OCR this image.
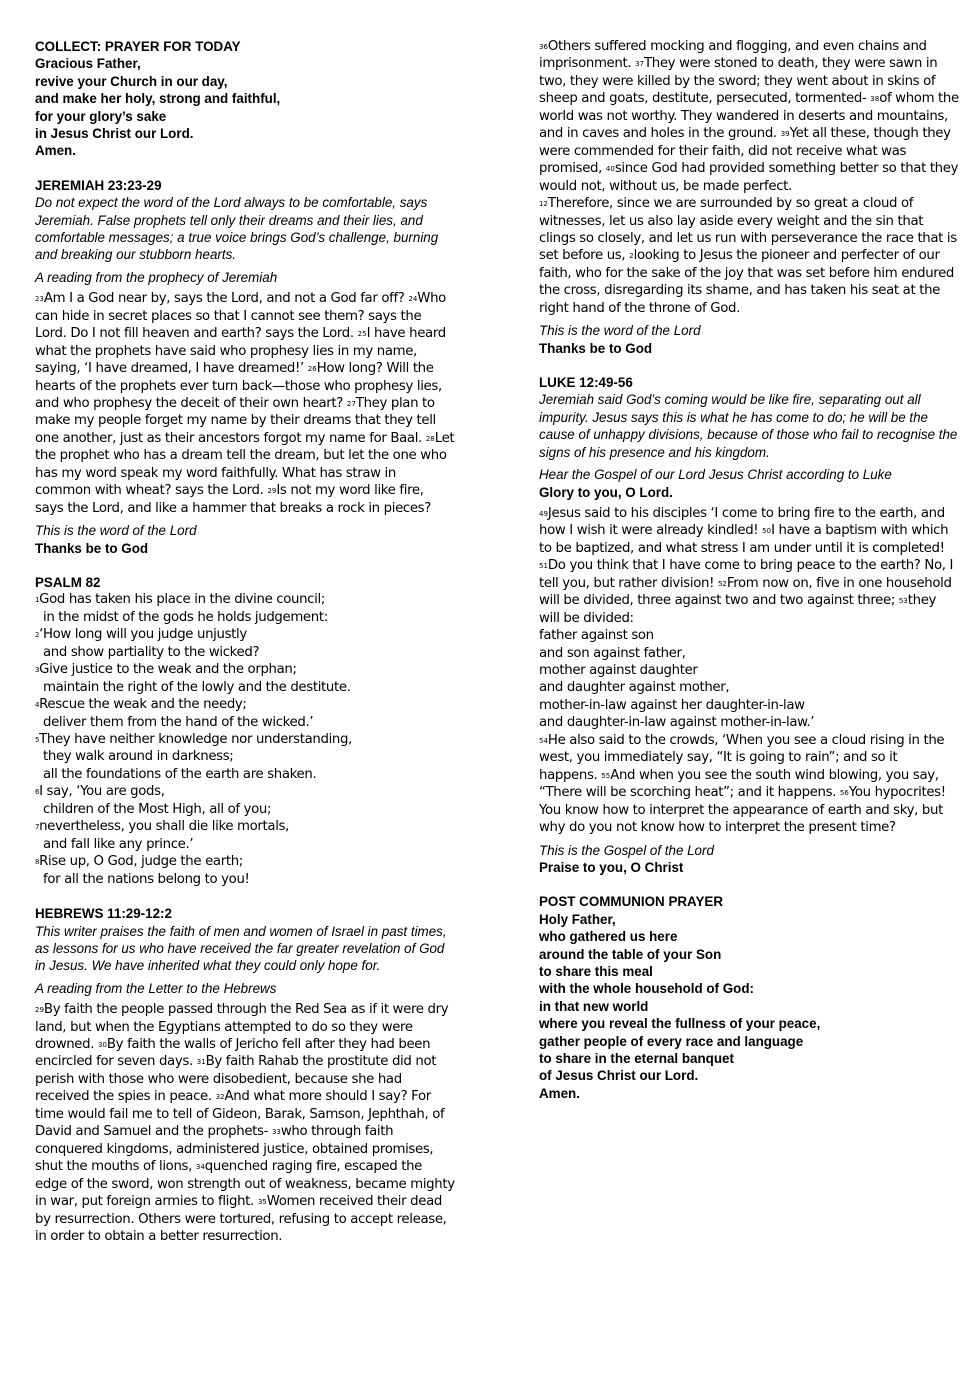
COLLECT: PRAYER FOR TODAY

Gracious Father,
revive your Church in our day,
and make her holy, strong and faithful,
for your glory’s sake
in Jesus Christ our Lord.
Amen.

JEREMIAH 23:23-29

Do not expect the word of the Lord always to be comfortable, says Jeremiah. False prophets tell only their dreams and their lies, and comfortable messages; a true voice brings God’s challenge, burning and breaking our stubborn hearts.

A reading from the prophecy of Jeremiah

$^{23}$Am I a God near by, says the Lord, and not a God far off? $^{24}$Who can hide in secret places so that I cannot see them? says the Lord. Do I not fill heaven and earth? says the Lord. $^{25}$I have heard what the prophets have said who prophesy lies in my name, saying, ‘I have dreamed, I have dreamed!’ $^{26}$How long? Will the hearts of the prophets ever turn back—those who prophesy lies, and who prophesy the deceit of their own heart? $^{27}$They plan to make my people forget my name by their dreams that they tell one another, just as their ancestors forgot my name for Baal. $^{28}$Let the prophet who has a dream tell the dream, but let the one who has my word speak my word faithfully. What has straw in common with wheat? says the Lord. $^{29}$Is not my word like fire, says the Lord, and like a hammer that breaks a rock in pieces?

This is the word of the Lord

Thanks be to God

PSALM 82

$^1$God has taken his place in the divine council;
in the midst of the gods he holds judgement:
$^2$‘How long will you judge unjustly
and show partiality to the wicked?
$^3$Give justice to the weak and the orphan;
maintain the right of the lowly and the destitute.
$^4$Rescue the weak and the needy;
deliver them from the hand of the wicked.’
$^5$They have neither knowledge nor understanding,
they walk around in darkness;
all the foundations of the earth are shaken.
$^6$I say, ‘You are gods,
children of the Most High, all of you;
$^7$nevertheless, you shall die like mortals,
and fall like any prince.’
$^8$Rise up, O God, judge the earth;
for all the nations belong to you!

HEBREWS 11:29-12:2

This writer praises the faith of men and women of Israel in past times, as lessons for us who have received the far greater revelation of God in Jesus. We have inherited what they could only hope for.

A reading from the Letter to the Hebrews

$^{29}$By faith the people passed through the Red Sea as if it were dry land, but when the Egyptians attempted to do so they were drowned. $^{30}$By faith the walls of Jericho fell after they had been encircled for seven days. $^{31}$By faith Rahab the prostitute did not perish with those who were disobedient, because she had received the spies in peace. $^{32}$And what more should I say? For time would fail me to tell of Gideon, Barak, Samson, Jephthah, of David and Samuel and the prophets- $^{33}$who through faith conquered kingdoms, administered justice, obtained promises, shut the mouths of lions, $^{34}$quenched raging fire, escaped the edge of the sword, won strength out of weakness, became mighty in war, put foreign armies to flight. $^{35}$Women received their dead by resurrection. Others were tortured, refusing to accept release, in order to obtain a better resurrection.

$^{36}$Others suffered mocking and flogging, and even chains and imprisonment. $^{37}$They were stoned to death, they were sawn in two, they were killed by the sword; they went about in skins of sheep and goats, destitute, persecuted, tormented- $^{38}$of whom the world was not worthy. They wandered in deserts and mountains, and in caves and holes in the ground. $^{39}$Yet all these, though they were commended for their faith, did not receive what was promised, $^{40}$since God had provided something better so that they would not, without us, be made perfect.

$^{12}$Therefore, since we are surrounded by so great a cloud of witnesses, let us also lay aside every weight and the sin that clings so closely, and let us run with perseverance the race that is set before us, $^2$looking to Jesus the pioneer and perfecter of our faith, who for the sake of the joy that was set before him endured the cross, disregarding its shame, and has taken his seat at the right hand of the throne of God.

This is the word of the Lord

Thanks be to God

LUKE 12:49-56

Jeremiah said God’s coming would be like fire, separating out all impurity. Jesus says this is what he has come to do; he will be the cause of unhappy divisions, because of those who fail to recognise the signs of his presence and his kingdom.

Hear the Gospel of our Lord Jesus Christ according to Luke

Glory to you, O Lord.

$^{49}$Jesus said to his disciples ‘I come to bring fire to the earth, and how I wish it were already kindled! $^{50}$I have a baptism with which to be baptized, and what stress I am under until it is completed! $^{51}$Do you think that I have come to bring peace to the earth? No, I tell you, but rather division! $^{52}$From now on, five in one household will be divided, three against two and two against three; $^{53}$they will be divided:

father against son
and son against father,
mother against daughter
and daughter against mother,
mother-in-law against her daughter-in-law
and daughter-in-law against mother-in-law.’

$^{54}$He also said to the crowds, ‘When you see a cloud rising in the west, you immediately say, “It is going to rain”; and so it happens. $^{55}$And when you see the south wind blowing, you say, “There will be scorching heat”; and it happens. $^{56}$You hypocrites! You know how to interpret the appearance of earth and sky, but why do you not know how to interpret the present time?

This is the Gospel of the Lord

Praise to you, O Christ

POST COMMUNION PRAYER

Holy Father,
who gathered us here
around the table of your Son
to share this meal
with the whole household of God:
in that new world
where you reveal the fullness of your peace,
gather people of every race and language
to share in the eternal banquet
of Jesus Christ our Lord.
Amen.
